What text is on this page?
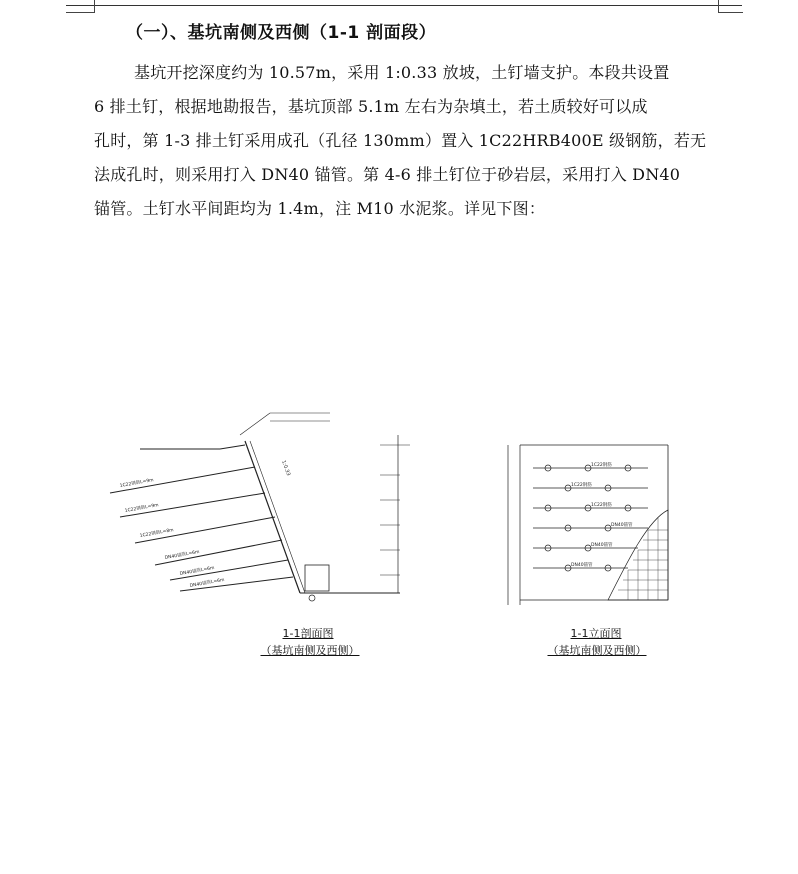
（一）、基坑南侧及西侧（1-1 剖面段）
基坑开挖深度约为 10.57m，采用 1:0.33 放坡，土钉墙支护。本段共设置
6 排土钉，根据地勘报告，基坑顶部 5.1m 左右为杂填土，若土质较好可以成
孔时，第 1-3 排土钉采用成孔（孔径 130mm）置入 1C22HRB400E 级钢筋，若无
法成孔时，则采用打入 DN40 锚管。第 4-6 排土钉位于砂岩层，采用打入 DN40
锚管。土钉水平间距均为 1.4m，注 M10 水泥浆。详见下图：
1:0.33
1C22钢筋L=9m
1C22钢筋L=9m
1C22钢筋L=8m
DN40锚管L=6m
DN40锚管L=6m
DN40锚管L=6m
1-1剖面图
（基坑南侧及西侧）
1C22钢筋
1C22钢筋
1C22钢筋
DN40锚管
DN40锚管
DN40锚管
1-1立面图
（基坑南侧及西侧）
